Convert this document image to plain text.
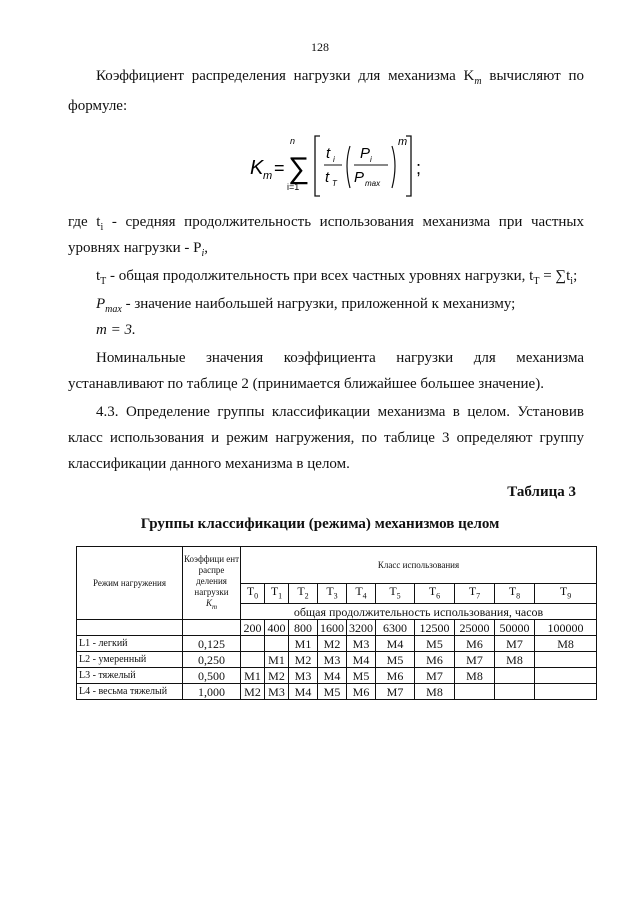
128
Коэффициент распределения нагрузки для механизма $K_m$ вычисляют по
формуле:
K m =
n
∑
i=1
t i
t T
P i
P max
m
;
где $t_i$ - средняя продолжительность использования механизма при частных
уровнях нагрузки - $P_i$,
$t_T$ - общая продолжительность при всех частных уровнях нагрузки, $t_T = \sum t_i$;
$P_{max}$ - значение наибольшей нагрузки, приложенной к механизму;
m = 3.
Номинальные значения коэффициента нагрузки для механизма
устанавливают по таблице 2 (принимается ближайшее большее значение).
4.3. Определение группы классификации механизма в целом. Установив
класс использования и режим нагружения, по таблице 3 определяют группу
классификации данного механизма в целом.
Таблица 3
Группы классификации (режима) механизмов целом
Режим нагружения	Коэффици ент распре деления нагрузки
$K_m$	Класс использования									
		$T_0$	$T_1$	$T_2$	$T_3$	$T_4$	$T_5$	$T_6$	$T_7$	$T_8$	$T_9$
		общая продолжительность использования, часов									
		200	400	800	1600	3200	6300	12500	25000	50000	100000
L1 - легкий	0,125			M1	M2	M3	M4	M5	M6	M7	M8
L2 - умеренный	0,250		M1	M2	M3	M4	M5	M6	M7	M8	
L3 - тяжелый	0,500	M1	M2	M3	M4	M5	M6	M7	M8		
L4 - весьма тяжелый	1,000	M2	M3	M4	M5	M6	M7	M8			
